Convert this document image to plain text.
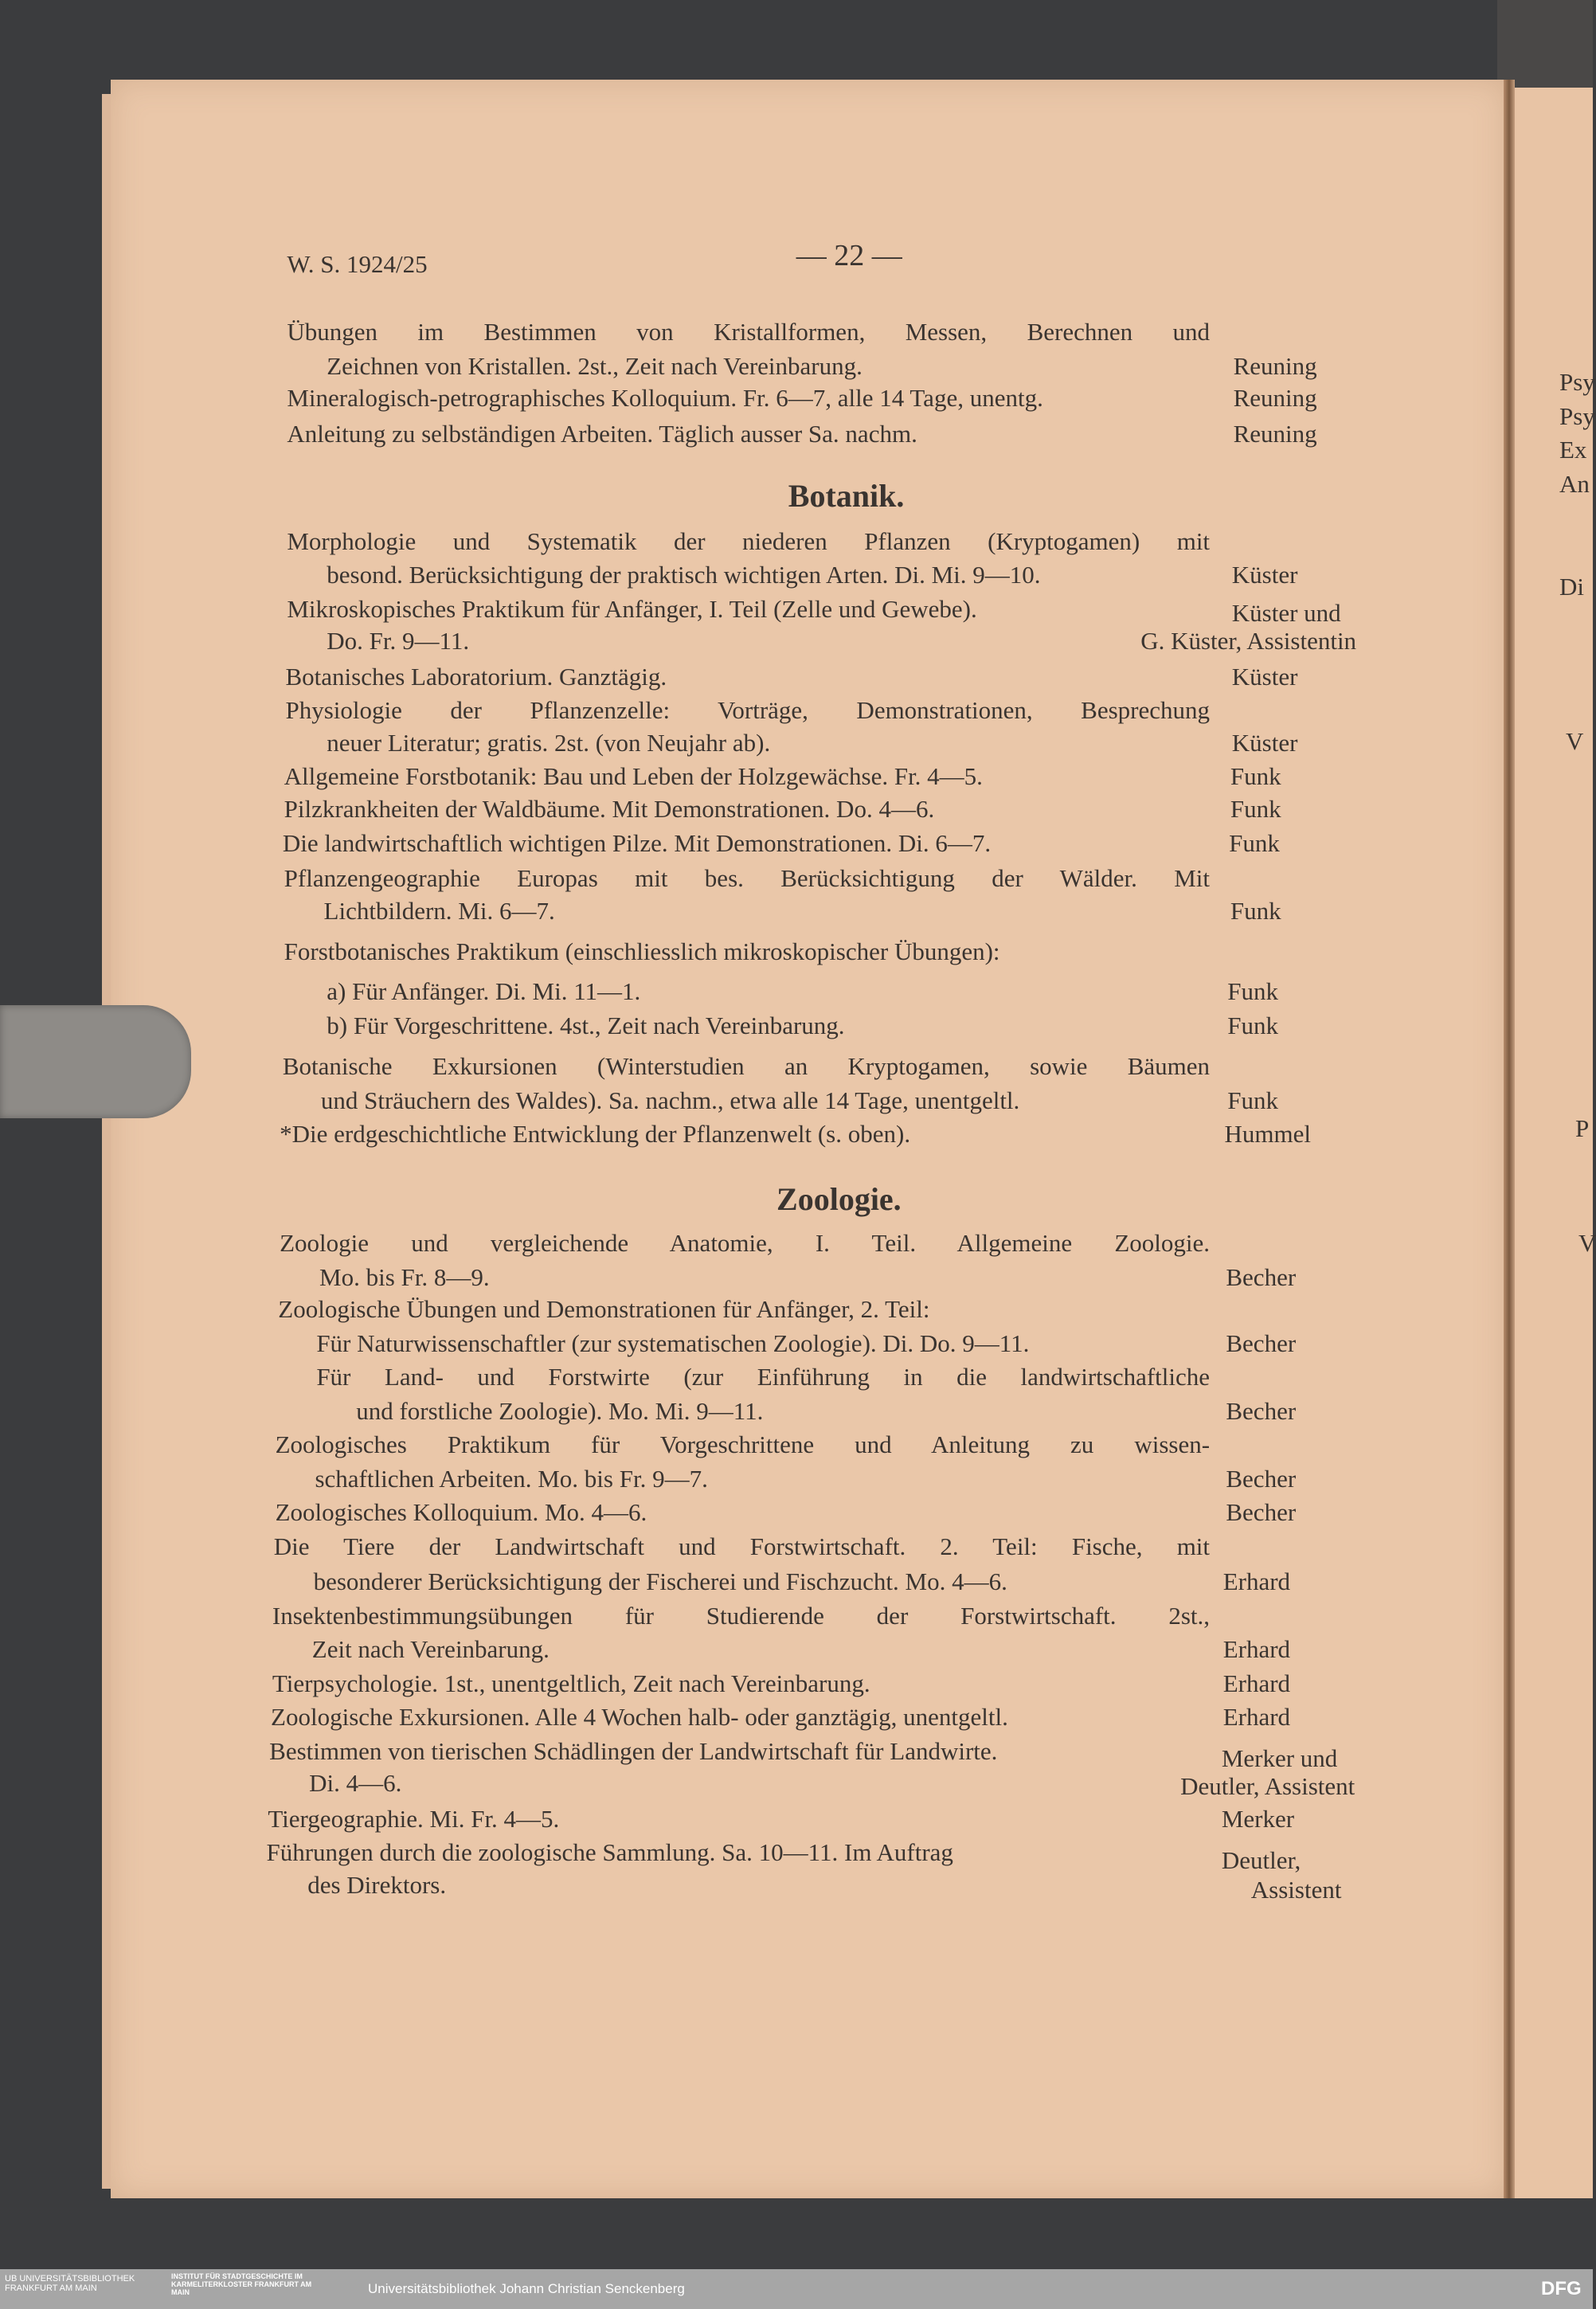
W. S. 1924/25	— 22 —
Übungen im Bestimmen von Kristallformen, Messen, Berechnen und
Zeichnen von Kristallen. 2st., Zeit nach Vereinbarung.	Reuning
Mineralogisch-petrographisches Kolloquium. Fr. 6—7, alle 14 Tage, unentg.	Reuning
Anleitung zu selbständigen Arbeiten. Täglich ausser Sa. nachm.	Reuning
Botanik.
Morphologie und Systematik der niederen Pflanzen (Kryptogamen) mit
besond. Berücksichtigung der praktisch wichtigen Arten. Di. Mi. 9—10.	Küster
Mikroskopisches Praktikum für Anfänger, I. Teil (Zelle und Gewebe).	Küster und
Do. Fr. 9—11.	G. Küster, Assistentin
Botanisches Laboratorium. Ganztägig.	Küster
Physiologie der Pflanzenzelle: Vorträge, Demonstrationen, Besprechung
neuer Literatur; gratis. 2st. (von Neujahr ab).	Küster
Allgemeine Forstbotanik: Bau und Leben der Holzgewächse. Fr. 4—5.	Funk
Pilzkrankheiten der Waldbäume. Mit Demonstrationen. Do. 4—6.	Funk
Die landwirtschaftlich wichtigen Pilze. Mit Demonstrationen. Di. 6—7.	Funk
Pflanzengeographie Europas mit bes. Berücksichtigung der Wälder. Mit
Lichtbildern. Mi. 6—7.	Funk
Forstbotanisches Praktikum (einschliesslich mikroskopischer Übungen):
a) Für Anfänger. Di. Mi. 11—1.	Funk
b) Für Vorgeschrittene. 4st., Zeit nach Vereinbarung.	Funk
Botanische Exkursionen (Winterstudien an Kryptogamen, sowie Bäumen
und Sträuchern des Waldes). Sa. nachm., etwa alle 14 Tage, unentgeltl.	Funk
*Die erdgeschichtliche Entwicklung der Pflanzenwelt (s. oben).	Hummel
Zoologie.
Zoologie und vergleichende Anatomie, I. Teil. Allgemeine Zoologie.
Mo. bis Fr. 8—9.	Becher
Zoologische Übungen und Demonstrationen für Anfänger, 2. Teil:
Für Naturwissenschaftler (zur systematischen Zoologie). Di. Do. 9—11.	Becher
Für Land- und Forstwirte (zur Einführung in die landwirtschaftliche
und forstliche Zoologie). Mo. Mi. 9—11.	Becher
Zoologisches Praktikum für Vorgeschrittene und Anleitung zu wissen-
schaftlichen Arbeiten. Mo. bis Fr. 9—7.	Becher
Zoologisches Kolloquium. Mo. 4—6.	Becher
Die Tiere der Landwirtschaft und Forstwirtschaft. 2. Teil: Fische, mit
besonderer Berücksichtigung der Fischerei und Fischzucht. Mo. 4—6.	Erhard
Insektenbestimmungsübungen für Studierende der Forstwirtschaft. 2st.,
Zeit nach Vereinbarung.	Erhard
Tierpsychologie. 1st., unentgeltlich, Zeit nach Vereinbarung.	Erhard
Zoologische Exkursionen. Alle 4 Wochen halb- oder ganztägig, unentgeltl.	Erhard
Bestimmen von tierischen Schädlingen der Landwirtschaft für Landwirte.	Merker und
Di. 4—6.	Deutler, Assistent
Tiergeographie. Mi. Fr. 4—5.	Merker
Führungen durch die zoologische Sammlung. Sa. 10—11. Im Auftrag	Deutler,
des Direktors.	Assistent
Psy
Psy
Ex
An
Di
V
P
V
UB UNIVERSITÄTSBIBLIOTHEK FRANKFURT AM MAIN
INSTITUT FÜR STADTGESCHICHTE IM KARMELITERKLOSTER FRANKFURT AM MAIN	Universitätsbibliothek Johann Christian Senckenberg	DFG
